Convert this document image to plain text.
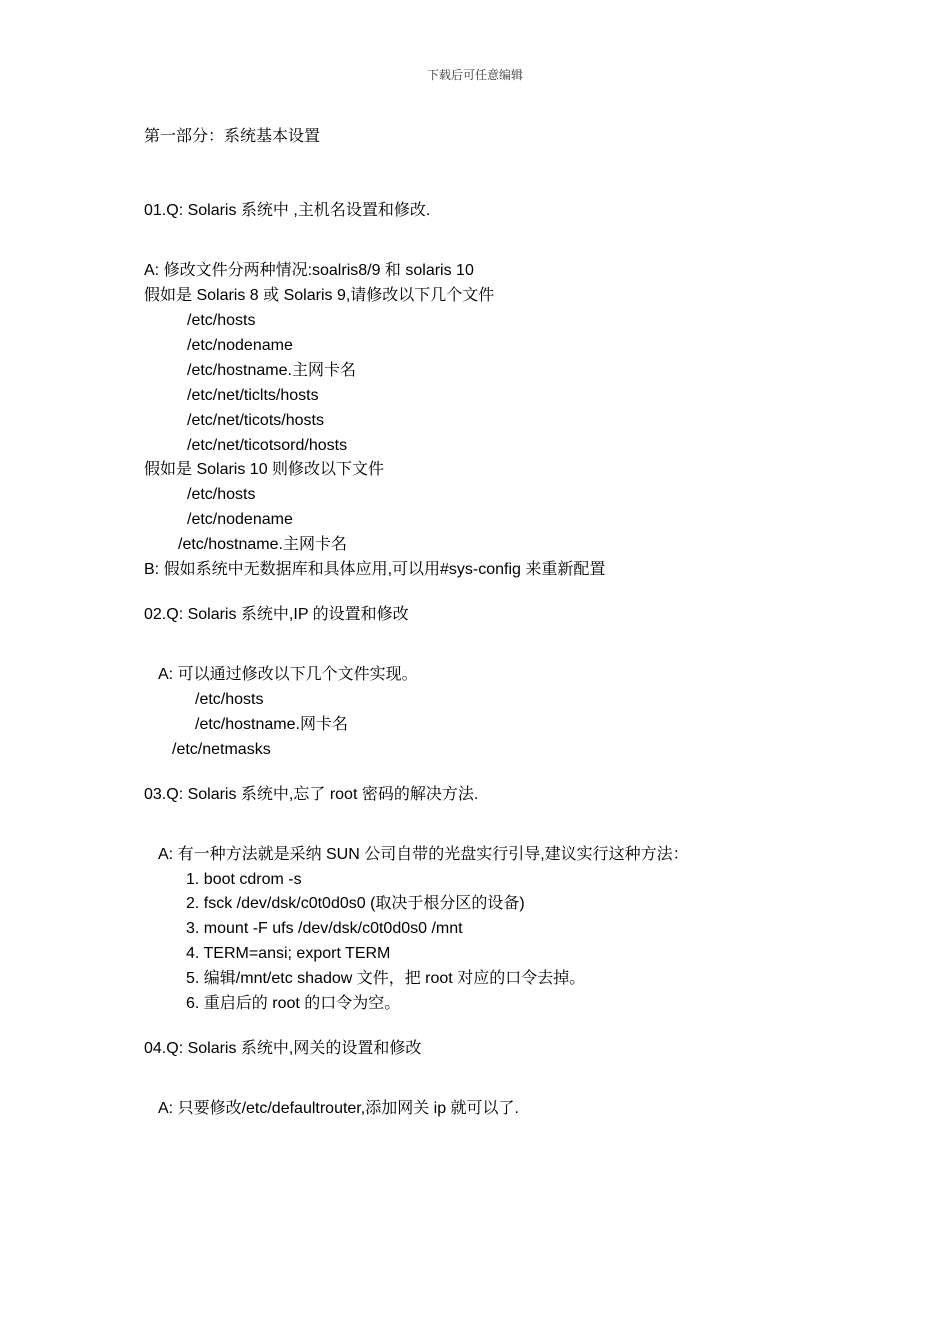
下载后可任意编辑
第一部分：系统基本设置
01.Q: Solaris 系统中 ,主机名设置和修改.
A: 修改文件分两种情况:soalris8/9 和 solaris 10
假如是 Solaris 8 或 Solaris 9,请修改以下几个文件
/etc/hosts
/etc/nodename
/etc/hostname.主网卡名
/etc/net/ticlts/hosts
/etc/net/ticots/hosts
/etc/net/ticotsord/hosts
假如是 Solaris 10 则修改以下文件
/etc/hosts
/etc/nodename
/etc/hostname.主网卡名
B: 假如系统中无数据库和具体应用,可以用#sys-config 来重新配置
02.Q: Solaris 系统中,IP 的设置和修改
A: 可以通过修改以下几个文件实现。
/etc/hosts
/etc/hostname.网卡名
/etc/netmasks
03.Q: Solaris 系统中,忘了 root 密码的解决方法.
A: 有一种方法就是采纳 SUN 公司自带的光盘实行引导,建议实行这种方法：
1. boot cdrom -s
2. fsck /dev/dsk/c0t0d0s0 (取决于根分区的设备)
3. mount -F ufs /dev/dsk/c0t0d0s0 /mnt
4. TERM=ansi; export TERM
5. 编辑/mnt/etc shadow 文件，把 root 对应的口令去掉。
6. 重启后的 root 的口令为空。
04.Q: Solaris 系统中,网关的设置和修改
A: 只要修改/etc/defaultrouter,添加网关 ip 就可以了.
